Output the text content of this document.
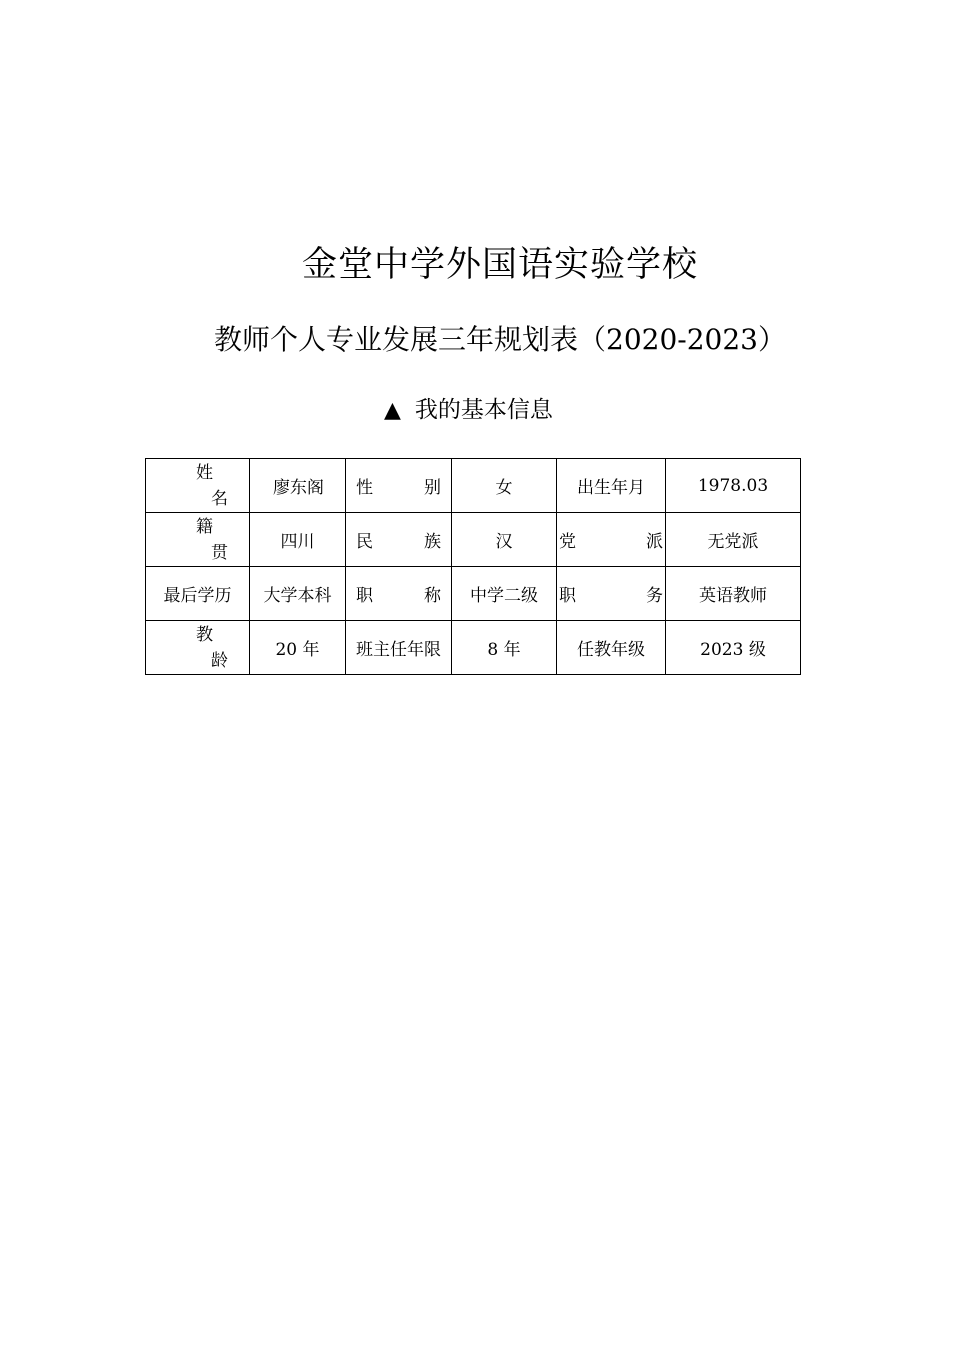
金堂中学外国语实验学校
教师个人专业发展三年规划表（2020-2023）
▲ 我的基本信息
姓
名	廖东阁	性别	女	出生年月	1978.03

籍
贯	四川	民族	汉	党派	无党派
最后学历	大学本科	职称	中学二级	职务	英语教师

教
龄	20 年	班主任年限	8 年	任教年级	2023 级
